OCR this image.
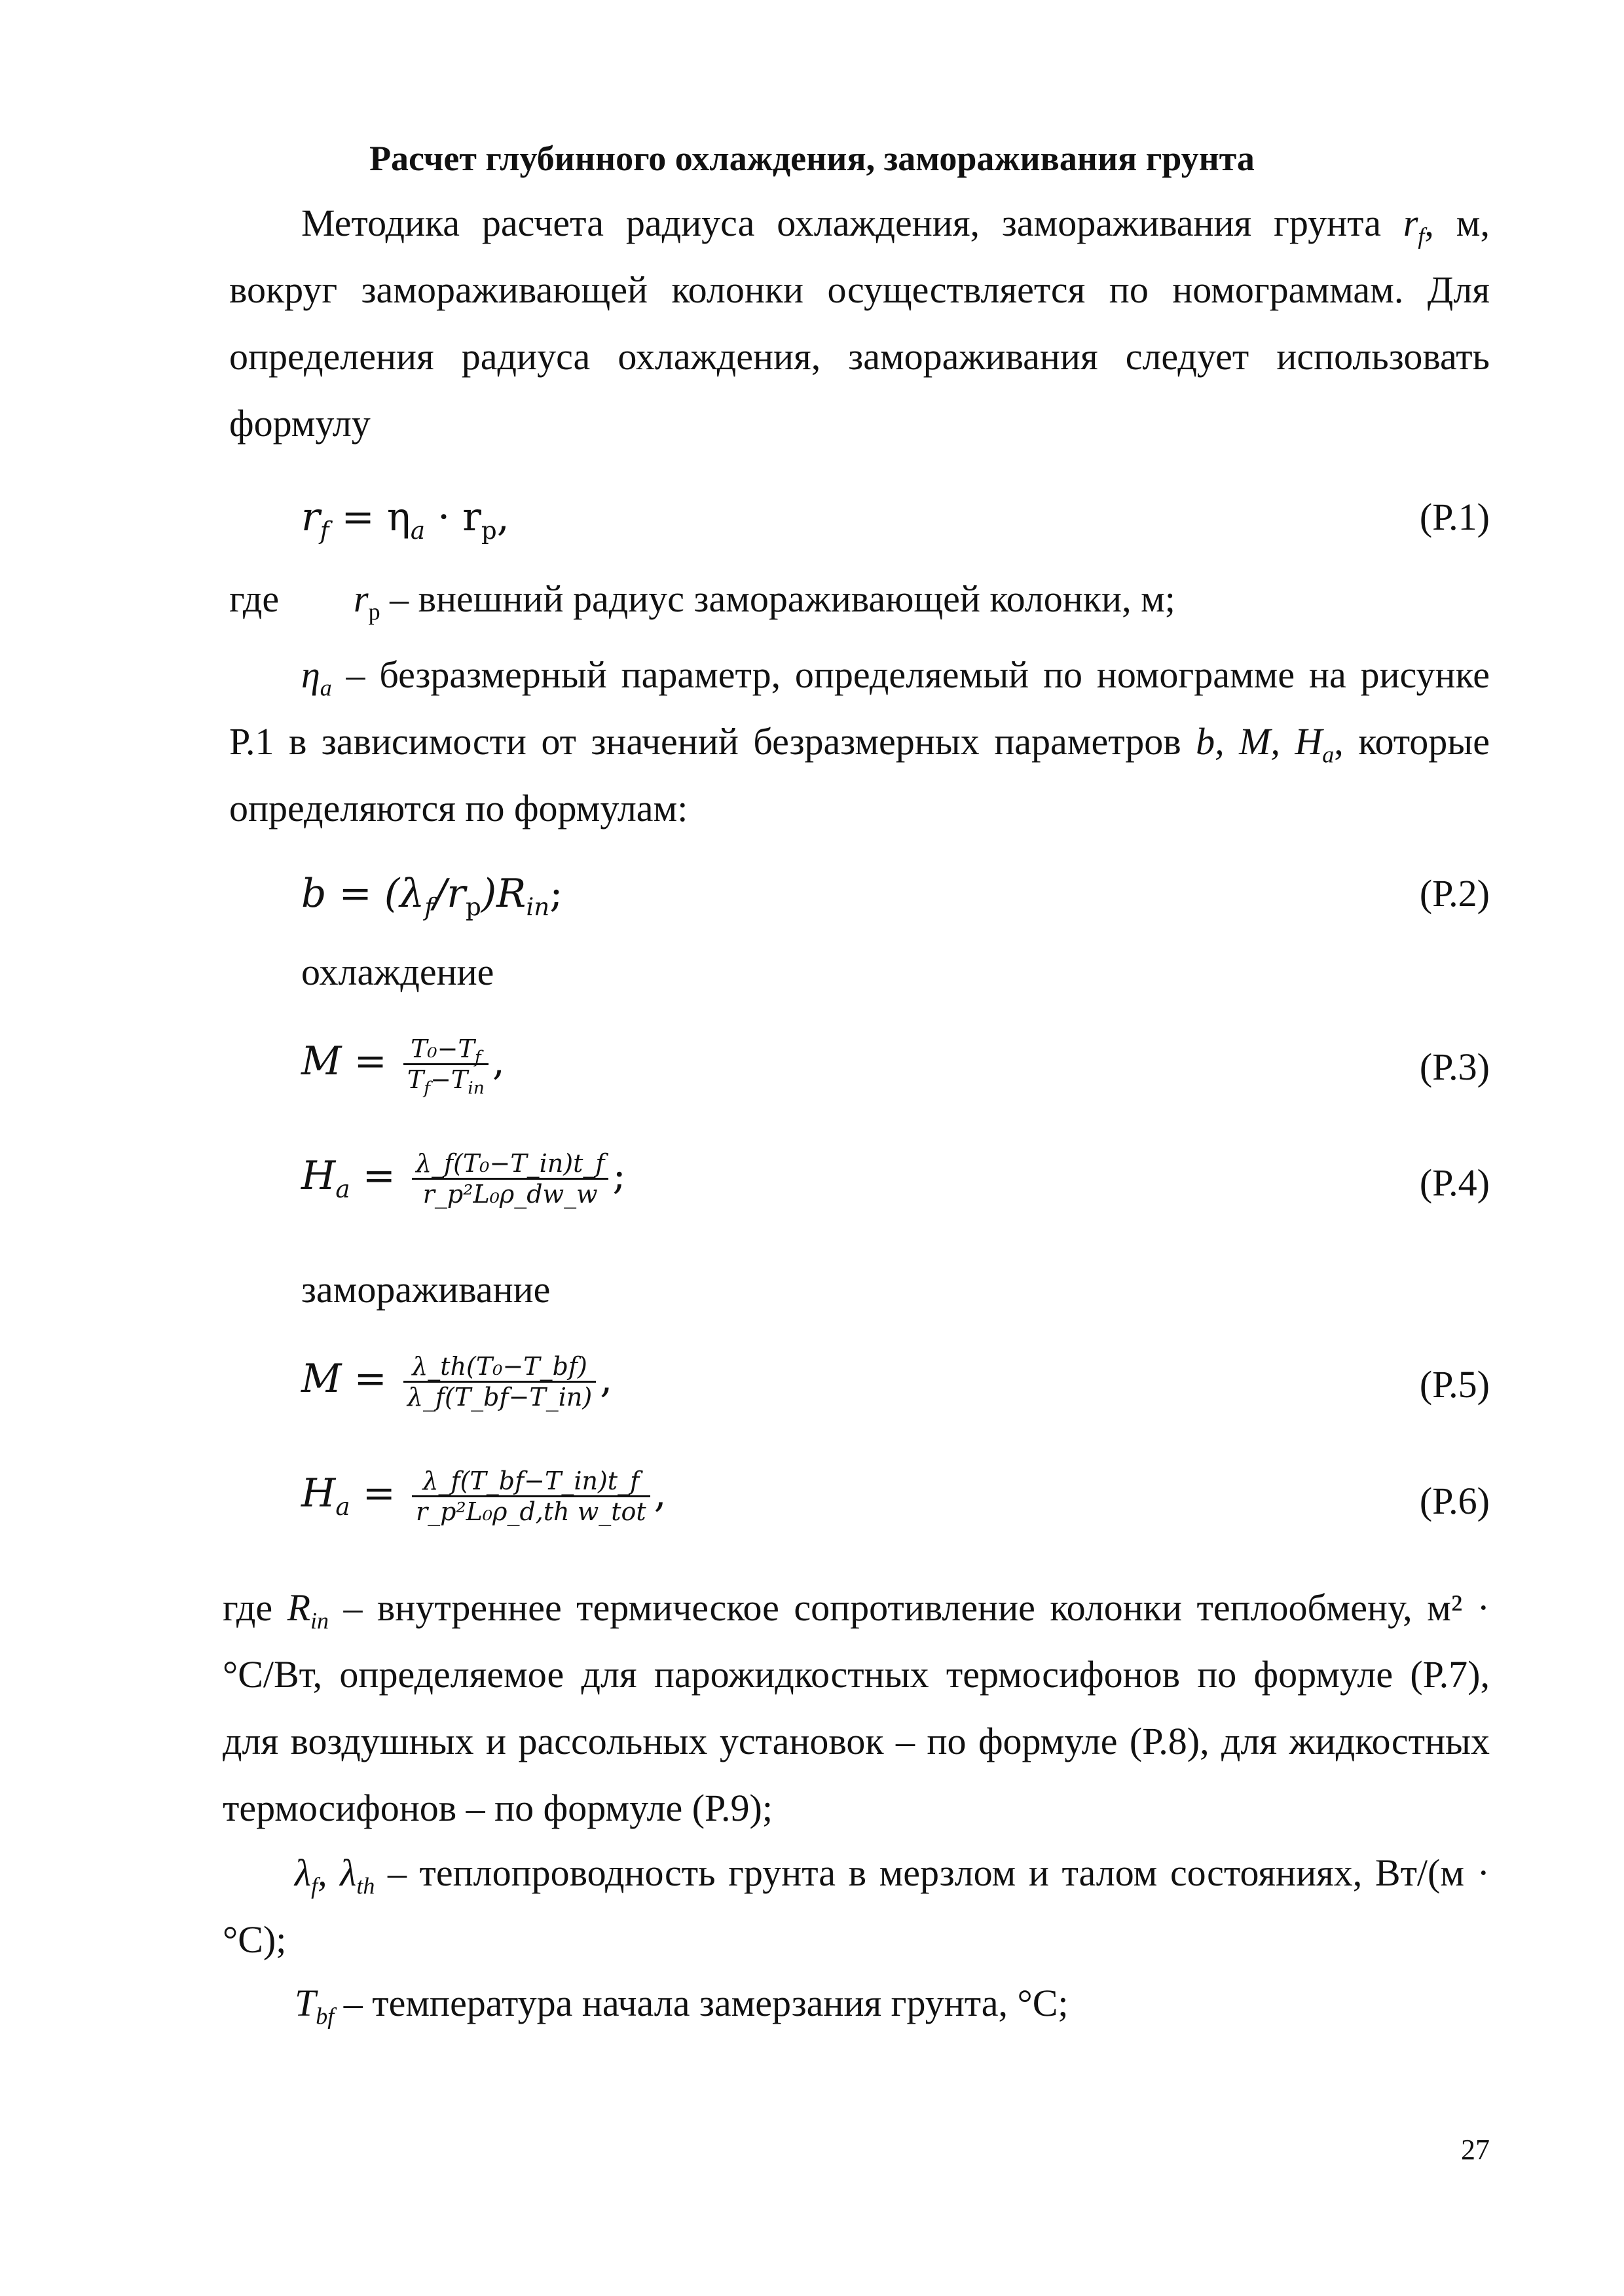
Расчет глубинного охлаждения, замораживания грунта
Методика расчета радиуса охлаждения, замораживания грунта $r_f$, м, вокруг замораживающей колонки осуществляется по номограммам. Для определения радиуса охлаждения, замораживания следует использовать формулу
$r_f = \eta_a \cdot r_p$,	(Р.1)
где $r_p$ – внешний радиус замораживающей колонки, м;
$\eta_a$ – безразмерный параметр, определяемый по номограмме на рисунке Р.1 в зависимости от значений безразмерных параметров b, M, $H_a$, которые определяются по формулам:
$b = (\lambda_f/r_p)R_{in}$;	(Р.2)
охлаждение
$M = \frac{T_0-T_f}{T_f-T_{in}}$ ,	(Р.3)
$H_a = \frac{\text{λ\_f(T₀−T\_in)t\_f}}{\text{r\_p²L₀ρ\_dw\_w}}$ ;	(Р.4)
замораживание
$M = \frac{\text{λ\_th(T₀−T\_bf)}}{\lambda\_f(T\_bf-T\_in)}$ ,	(Р.5)
$H_a = \frac{\lambda\_f(T\_bf-T\_in)t\_f}{\text{r\_p²L₀ρ\_d,th w\_tot}}$ ,	(Р.6)
где $R_{in}$ – внутреннее термическое сопротивление колонки теплообмену, м² · °С/Вт, определяемое для парожидкостных термосифонов по формуле (Р.7), для воздушных и рассольных установок – по формуле (Р.8), для жидкостных термосифонов – по формуле (Р.9);
$\lambda_f$, $\lambda_{th}$ – теплопроводность грунта в мерзлом и талом состояниях, Вт/(м · °С);
$T_{bf}$ – температура начала замерзания грунта, °С;
27
